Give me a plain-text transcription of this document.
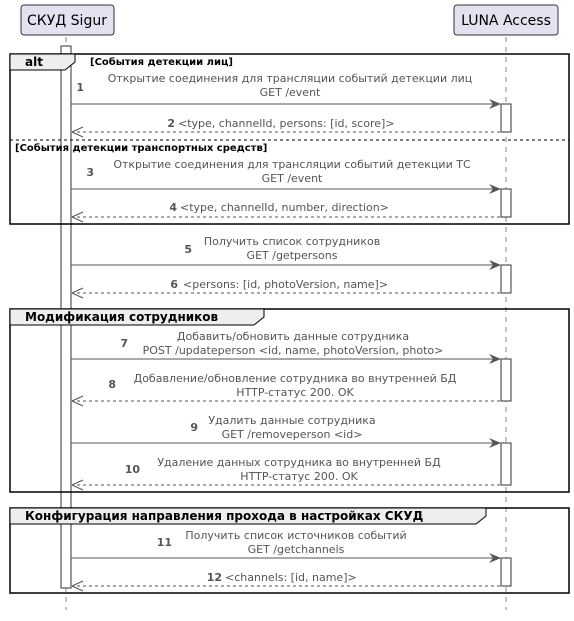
СКУД Sigur	LUNA Access
alt	[События детекции лиц]
[События детекции транспортных средств]
Модификация сотрудников
Конфигурация направления прохода в настройках СКУД
1
Открытие соединения для трансляции событий детекции лиц
GET /event
2 <type, channelId, persons: [id, score]>
3
Открытие соединения для трансляции событий детекции ТС
GET /event
4 <type, channelId, number, direction>
5
Получить список сотрудников
GET /getpersons
6 <persons: [id, photoVersion, name]>
7
Добавить/обновить данные сотрудника
POST /updateperson <id, name, photoVersion, photo>
8 Добавление/обновление сотрудника во внутренней БД
HTTP-статус 200. OK
9
Удалить данные сотрудника
GET /removeperson <id>
10
Удаление данных сотрудника во внутренней БД
HTTP-статус 200. OK
11
Получить список источников событий
GET /getchannels
12 <channels: [id, name]>
